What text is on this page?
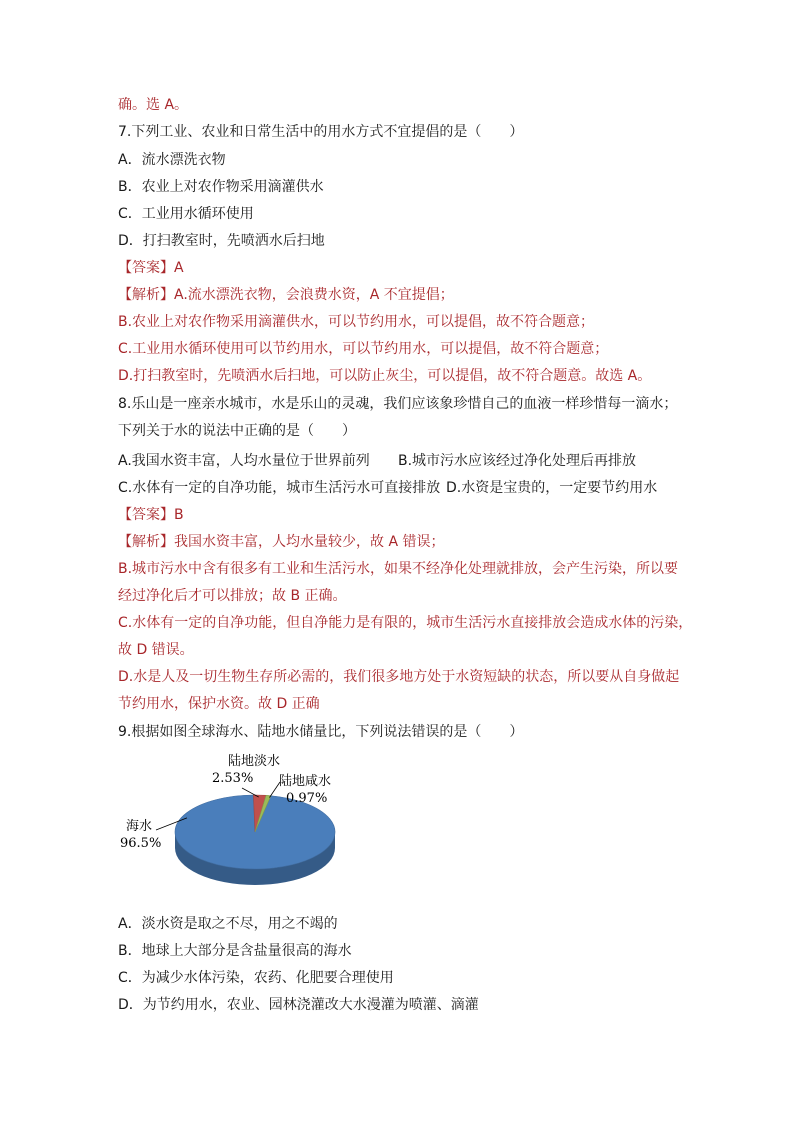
确。选 A。
7.下列工业、农业和日常生活中的用水方式不宜提倡的是（　　）
A．流水漂洗衣物
B．农业上对农作物采用滴灌供水
C．工业用水循环使用
D．打扫教室时，先喷洒水后扫地
【答案】A
【解析】A.流水漂洗衣物，会浪费水资，A 不宜提倡；
B.农业上对农作物采用滴灌供水，可以节约用水，可以提倡，故不符合题意；
C.工业用水循环使用可以节约用水，可以节约用水，可以提倡，故不符合题意；
D.打扫教室时，先喷洒水后扫地，可以防止灰尘，可以提倡，故不符合题意。故选 A。
8.乐山是一座亲水城市，水是乐山的灵魂，我们应该象珍惜自己的血液一样珍惜每一滴水；
下列关于水的说法中正确的是（　　）
A.我国水资丰富，人均水量位于世界前列 B.城市污水应该经过净化处理后再排放
C.水体有一定的自净功能，城市生活污水可直接排放 D.水资是宝贵的，一定要节约用水
【答案】B
【解析】我国水资丰富，人均水量较少，故 A 错误；
B.城市污水中含有很多有工业和生活污水，如果不经净化处理就排放，会产生污染，所以要
经过净化后才可以排放；故 B 正确。
C.水体有一定的自净功能，但自净能力是有限的，城市生活污水直接排放会造成水体的污染，
故 D 错误。
D.水是人及一切生物生存所必需的，我们很多地方处于水资短缺的状态，所以要从自身做起
节约用水，保护水资。故 D 正确
9.根据如图全球海水、陆地水储量比，下列说法错误的是（　　）
陆地淡水
2.53% 陆地咸水
0.97%
海水
96.5%
A．淡水资是取之不尽，用之不竭的
B．地球上大部分是含盐量很高的海水
C．为减少水体污染，农药、化肥要合理使用
D．为节约用水，农业、园林浇灌改大水漫灌为喷灌、滴灌
